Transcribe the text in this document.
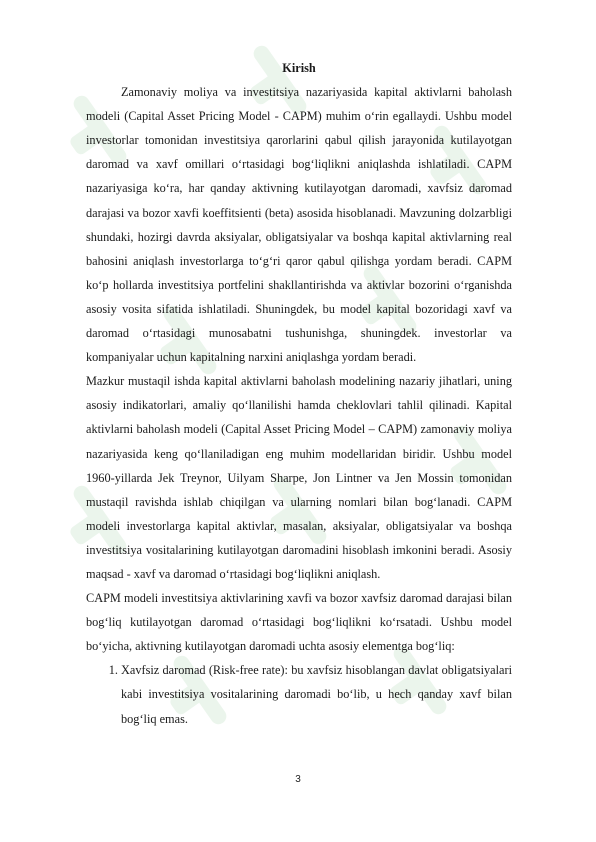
Kirish

Zamonaviy moliya va investitsiya nazariyasida kapital aktivlarni baholash modeli (Capital Asset Pricing Model - CAPM) muhim o‘rin egallaydi. Ushbu model investorlar tomonidan investitsiya qarorlarini qabul qilish jarayonida kutilayotgan daromad va xavf omillari o‘rtasidagi bog‘liqlikni aniqlashda ishlatiladi. CAPM nazariyasiga ko‘ra, har qanday aktivning kutilayotgan daromadi, xavfsiz daromad darajasi va bozor xavfi koeffitsienti (beta) asosida hisoblanadi. Mavzuning dolzarbligi shundaki, hozirgi davrda aksiyalar, obligatsiyalar va boshqa kapital aktivlarning real bahosini aniqlash investorlarga to‘g‘ri qaror qabul qilishga yordam beradi. CAPM ko‘p hollarda investitsiya portfelini shakllantirishda va aktivlar bozorini o‘rganishda asosiy vosita sifatida ishlatiladi. Shuningdek, bu model kapital bozoridagi xavf va daromad o‘rtasidagi munosabatni tushunishga, shuningdek. investorlar va kompaniyalar uchun kapitalning narxini aniqlashga yordam beradi.

Mazkur mustaqil ishda kapital aktivlarni baholash modelining nazariy jihatlari, uning asosiy indikatorlari, amaliy qo‘llanilishi hamda cheklovlari tahlil qilinadi. Kapital aktivlarni baholash modeli (Capital Asset Pricing Model – CAPM) zamonaviy moliya nazariyasida keng qo‘llaniladigan eng muhim modellaridan biridir. Ushbu model 1960-yillarda Jek Treynor, Uilyam Sharpe, Jon Lintner va Jen Mossin tomonidan mustaqil ravishda ishlab chiqilgan va ularning nomlari bilan bog‘lanadi. CAPM modeli investorlarga kapital aktivlar, masalan, aksiyalar, obligatsiyalar va boshqa investitsiya vositalarining kutilayotgan daromadini hisoblash imkonini beradi. Asosiy maqsad - xavf va daromad o‘rtasidagi bog‘liqlikni aniqlash.

CAPM modeli investitsiya aktivlarining xavfi va bozor xavfsiz daromad darajasi bilan bog‘liq kutilayotgan daromad o‘rtasidagi bog‘liqlikni ko‘rsatadi. Ushbu model bo‘yicha, aktivning kutilayotgan daromadi uchta asosiy elementga bog‘liq:

1. Xavfsiz daromad (Risk-free rate): bu xavfsiz hisoblangan davlat obligatsiyalari kabi investitsiya vositalarining daromadi bo‘lib, u hech qanday xavf bilan bog‘liq emas.
3
